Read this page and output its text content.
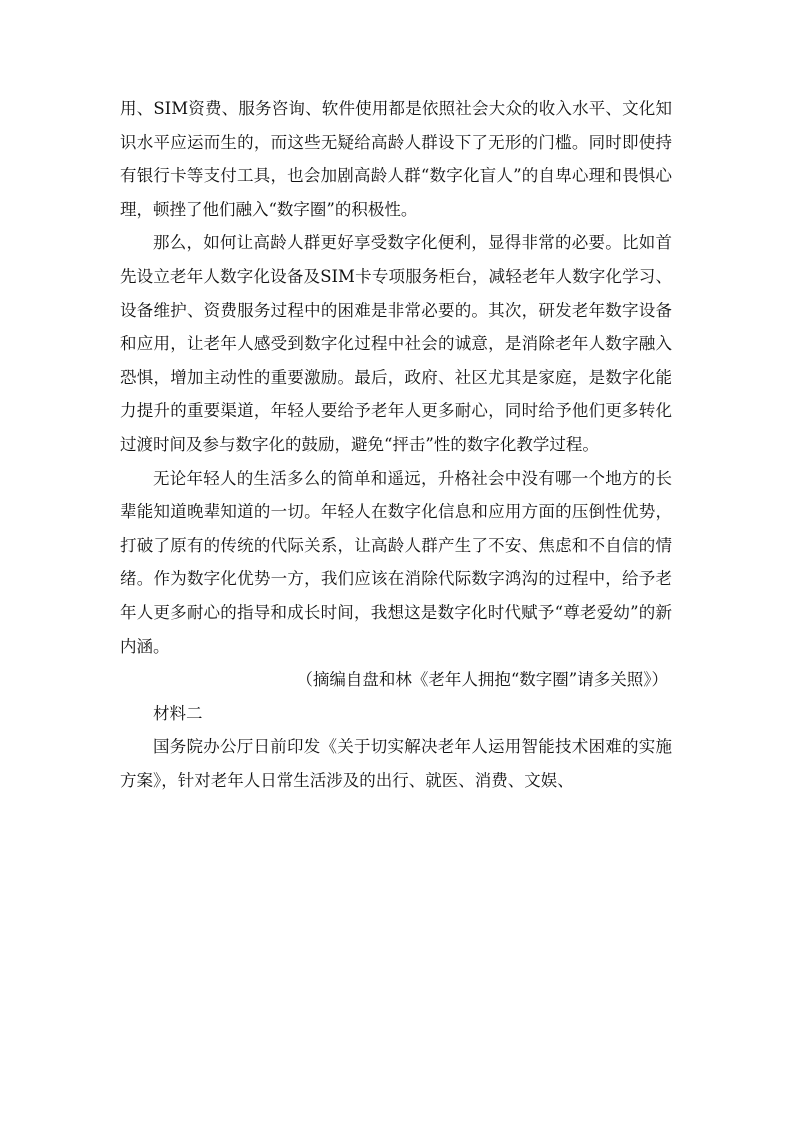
用、SIM资费、服务咨询、软件使用都是依照社会大众的收入水平、文化知识水平应运而生的，而这些无疑给高龄人群设下了无形的门槛。同时即使持有银行卡等支付工具，也会加剧高龄人群“数字化盲人”的自卑心理和畏惧心理，顿挫了他们融入“数字圈”的积极性。

那么，如何让高龄人群更好享受数字化便利，显得非常的必要。比如首先设立老年人数字化设备及SIM卡专项服务柜台，减轻老年人数字化学习、设备维护、资费服务过程中的困难是非常必要的。其次，研发老年数字设备和应用，让老年人感受到数字化过程中社会的诚意，是消除老年人数字融入恐惧，增加主动性的重要激励。最后，政府、社区尤其是家庭，是数字化能力提升的重要渠道，年轻人要给予老年人更多耐心，同时给予他们更多转化过渡时间及参与数字化的鼓励，避免“抨击”性的数字化教学过程。

无论年轻人的生活多么的简单和遥远，升格社会中没有哪一个地方的长辈能知道晚辈知道的一切。年轻人在数字化信息和应用方面的压倒性优势，打破了原有的传统的代际关系，让高龄人群产生了不安、焦虑和不自信的情绪。作为数字化优势一方，我们应该在消除代际数字鸿沟的过程中，给予老年人更多耐心的指导和成长时间，我想这是数字化时代赋予“尊老爱幼”的新内涵。

（摘编自盘和林《老年人拥抱“数字圈”请多关照》）

材料二

国务院办公厅日前印发《关于切实解决老年人运用智能技术困难的实施方案》，针对老年人日常生活涉及的出行、就医、消费、文娱、
